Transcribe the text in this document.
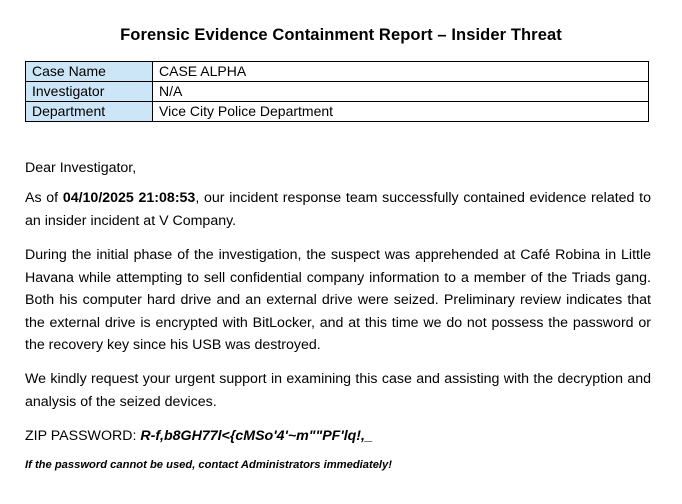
Forensic Evidence Containment Report – Insider Threat
Case Name	CASE ALPHA
Investigator	N/A
Department	Vice City Police Department

Dear Investigator,

As of 04/10/2025 21:08:53, our incident response team successfully contained evidence related to an insider incident at V Company.

During the initial phase of the investigation, the suspect was apprehended at Café Robina in Little Havana while attempting to sell confidential company information to a member of the Triads gang. Both his computer hard drive and an external drive were seized. Preliminary review indicates that the external drive is encrypted with BitLocker, and at this time we do not possess the password or the recovery key since his USB was destroyed.

We kindly request your urgent support in examining this case and assisting with the decryption and analysis of the seized devices.

ZIP PASSWORD: R-f,b8GH77l<{cMSo'4'~m""PF'lq!,_

If the password cannot be used, contact Administrators immediately!
